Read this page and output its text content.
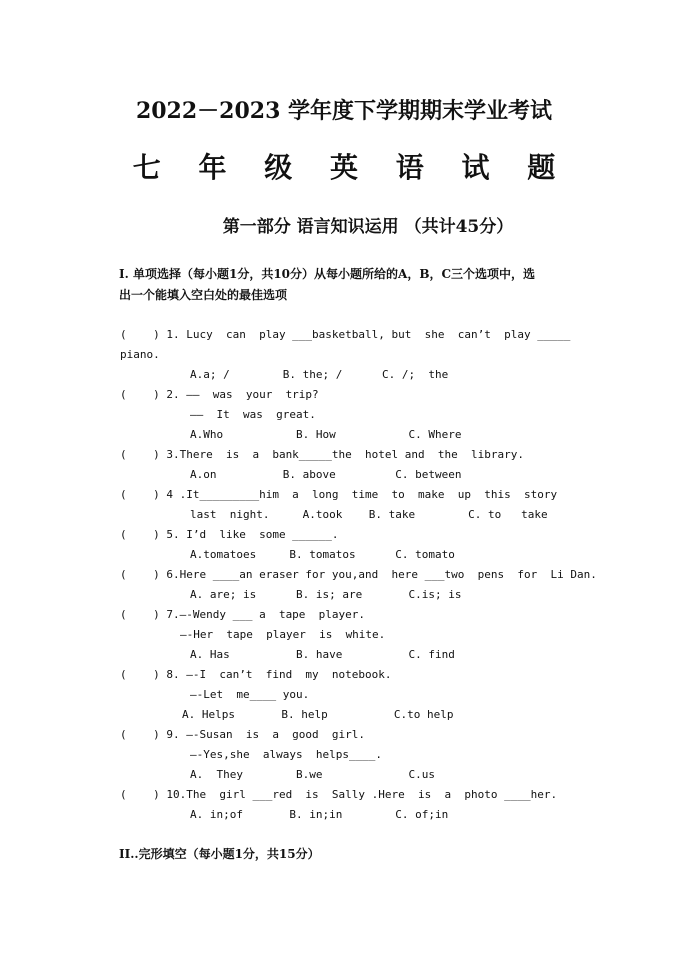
2022－2023 学年度下学期期末学业考试
七 年 级 英 语 试 题
第一部分 语言知识运用 （共计45分）
I. 单项选择（每小题1分，共10分）从每小题所给的A，B，C三个选项中，选
出一个能填入空白处的最佳选项
(    ) 1. Lucy  can  play ___basketball, but  she  can’t  play _____
piano.
A.a; /        B. the; /      C. /;  the
(    ) 2. ——  was  your  trip?
——  It  was  great.
A.Who           B. How           C. Where
(    ) 3.There  is  a  bank_____the  hotel and  the  library.
A.on          B. above         C. between
(    ) 4 .It_________him  a  long  time  to  make  up  this  story
last  night.     A.took    B. take        C. to   take
(    ) 5. I’d  like  some ______.
A.tomatoes     B. tomatos      C. tomato
(    ) 6.Here ____an eraser for you,and  here ___two  pens  for  Li Dan.
A. are; is      B. is; are       C.is; is
(    ) 7.—-Wendy ___ a  tape  player.
—-Her  tape  player  is  white.
A. Has          B. have          C. find
(    ) 8. —-I  can’t  find  my  notebook.
—-Let  me____ you.
A. Helps       B. help          C.to help
(    ) 9. —-Susan  is  a  good  girl.
—-Yes,she  always  helps____.
A.  They        B.we             C.us
(    ) 10.The  girl ___red  is  Sally .Here  is  a  photo ____her.
A. in;of       B. in;in        C. of;in
II..完形填空（每小题1分，共15分）
